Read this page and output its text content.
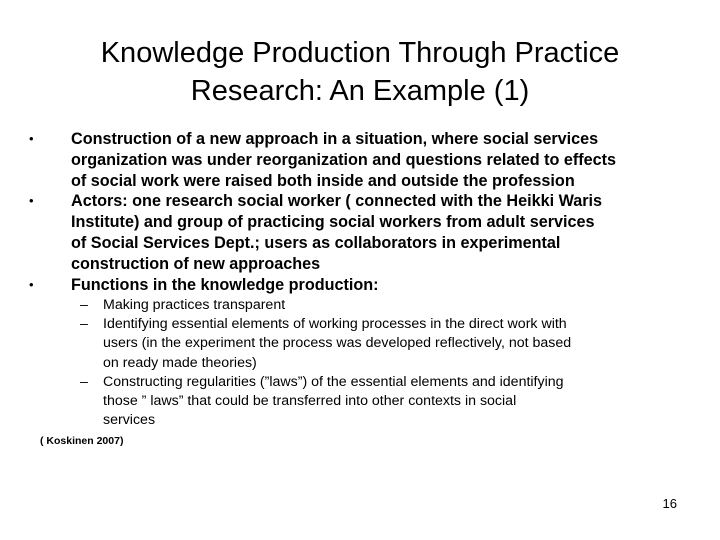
Knowledge Production Through Practice
Research: An Example (1)
• Construction of a new approach in a situation, where social services
organization was under reorganization and questions related to effects
of social work were raised both inside and outside the profession
• Actors: one research social worker ( connected with the Heikki Waris
Institute) and group of practicing social workers from adult services
of Social Services Dept.; users as collaborators in experimental
construction of new approaches
• Functions in the knowledge production:
– Making practices transparent
– Identifying essential elements of working processes in the direct work with
users (in the experiment the process was developed reflectively, not based
on ready made theories)
– Constructing regularities (”laws”) of the essential elements and identifying
those ” laws” that could be transferred into other contexts in social
services

( Koskinen 2007)

16
